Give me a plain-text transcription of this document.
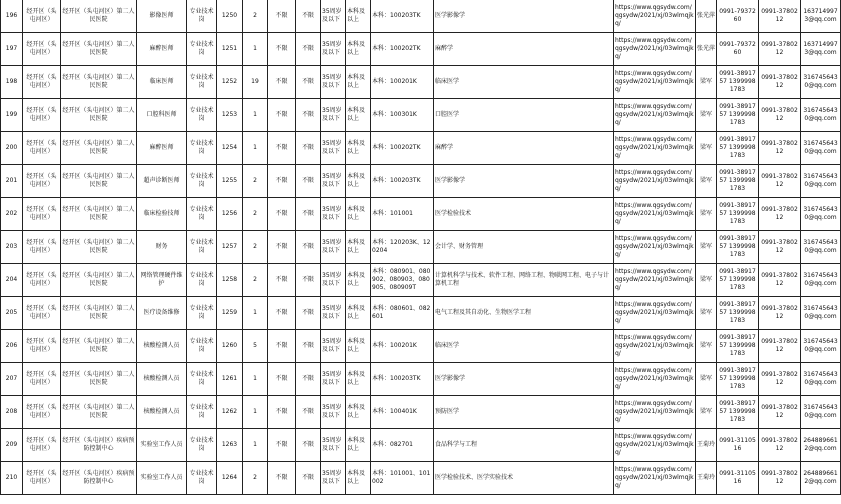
196	经开区（头屯河区）	经开区（头屯河区）第二人民医院	影像医师	专业技术岗	1250	2	不限	不限	35周岁及以下	本科及以上	本科：100203TK	医学影像学	https://www.qgsydw.com/qgsydw/2021/xj/03wlmqjkq/	张光萍	0991-7937260	0991-3780212	1637149973@qq.com
197	经开区（头屯河区）	经开区（头屯河区）第二人民医院	麻醉医师	专业技术岗	1251	1	不限	不限	35周岁及以下	本科及以上	本科：100202TK	麻醉学	https://www.qgsydw.com/qgsydw/2021/xj/03wlmqjkq/	张光萍	0991-7937260	0991-3780212	1637149973@qq.com
198	经开区（头屯河区）	经开区（头屯河区）第二人民医院	临床医师	专业技术岗	1252	19	不限	不限	35周岁及以下	本科及以上	本科：100201K	临床医学	https://www.qgsydw.com/qgsydw/2021/xj/03wlmqjkq/	梁军	0991-3891757 13999981783	0991-3780212	3167456430@qq.com
199	经开区（头屯河区）	经开区（头屯河区）第二人民医院	口腔科医师	专业技术岗	1253	1	不限	不限	35周岁及以下	本科及以上	本科：100301K	口腔医学	https://www.qgsydw.com/qgsydw/2021/xj/03wlmqjkq/	梁军	0991-3891757 13999981783	0991-3780212	3167456430@qq.com
200	经开区（头屯河区）	经开区（头屯河区）第二人民医院	麻醉医师	专业技术岗	1254	1	不限	不限	35周岁及以下	本科及以上	本科：100202TK	麻醉学	https://www.qgsydw.com/qgsydw/2021/xj/03wlmqjkq/	梁军	0991-3891757 13999981783	0991-3780212	3167456430@qq.com
201	经开区（头屯河区）	经开区（头屯河区）第二人民医院	超声诊断医师	专业技术岗	1255	2	不限	不限	35周岁及以下	本科及以上	本科：100203TK	医学影像学	https://www.qgsydw.com/qgsydw/2021/xj/03wlmqjkq/	梁军	0991-3891757 13999981783	0991-3780212	3167456430@qq.com
202	经开区（头屯河区）	经开区（头屯河区）第二人民医院	临床检验技师	专业技术岗	1256	2	不限	不限	35周岁及以下	本科及以上	本科：101001	医学检验技术	https://www.qgsydw.com/qgsydw/2021/xj/03wlmqjkq/	梁军	0991-3891757 13999981783	0991-3780212	3167456430@qq.com
203	经开区（头屯河区）	经开区（头屯河区）第二人民医院	财务	专业技术岗	1257	2	不限	不限	35周岁及以下	本科及以上	本科：120203K、120204	会计学、财务管理	https://www.qgsydw.com/qgsydw/2021/xj/03wlmqjkq/	梁军	0991-3891757 13999981783	0991-3780212	3167456430@qq.com
204	经开区（头屯河区）	经开区（头屯河区）第二人民医院	网络管理硬件维护	专业技术岗	1258	2	不限	不限	35周岁及以下	本科及以上	本科：080901、080902、080903、080905、080909T	计算机科学与技术、软件工程、网络工程、物联网工程、电子与计算机工程	https://www.qgsydw.com/qgsydw/2021/xj/03wlmqjkq/	梁军	0991-3891757 13999981783	0991-3780212	3167456430@qq.com
205	经开区（头屯河区）	经开区（头屯河区）第二人民医院	医疗设备维修	专业技术岗	1259	1	不限	不限	35周岁及以下	本科及以上	本科：080601、082601	电气工程及其自动化、生物医学工程	https://www.qgsydw.com/qgsydw/2021/xj/03wlmqjkq/	梁军	0991-3891757 13999981783	0991-3780212	3167456430@qq.com
206	经开区（头屯河区）	经开区（头屯河区）第二人民医院	核酸检测人员	专业技术岗	1260	5	不限	不限	35周岁及以下	本科及以上	本科：100201K	临床医学	https://www.qgsydw.com/qgsydw/2021/xj/03wlmqjkq/	梁军	0991-3891757 13999981783	0991-3780212	3167456430@qq.com
207	经开区（头屯河区）	经开区（头屯河区）第二人民医院	核酸检测人员	专业技术岗	1261	1	不限	不限	35周岁及以下	本科及以上	本科：100203TK	医学影像学	https://www.qgsydw.com/qgsydw/2021/xj/03wlmqjkq/	梁军	0991-3891757 13999981783	0991-3780212	3167456430@qq.com
208	经开区（头屯河区）	经开区（头屯河区）第二人民医院	核酸检测人员	专业技术岗	1262	1	不限	不限	35周岁及以下	本科及以上	本科：100401K	预防医学	https://www.qgsydw.com/qgsydw/2021/xj/03wlmqjkq/	梁军	0991-3891757 13999981783	0991-3780212	3167456430@qq.com
209	经开区（头屯河区）	经开区（头屯河区）疾病预防控制中心	实验室工作人员	专业技术岗	1263	1	不限	不限	35周岁及以下	本科及以上	本科：082701	食品科学与工程	https://www.qgsydw.com/qgsydw/2021/xj/03wlmqjkq/	王菊玲	0991-3110516	0991-3780212	2648896612@qq.com
210	经开区（头屯河区）	经开区（头屯河区）疾病预防控制中心	实验室工作人员	专业技术岗	1264	2	不限	不限	35周岁及以下	本科及以上	本科：101001、101002	医学检验技术、医学实验技术	https://www.qgsydw.com/qgsydw/2021/xj/03wlmqjkq/	王菊玲	0991-3110516	0991-3780212	2648896612@qq.com
